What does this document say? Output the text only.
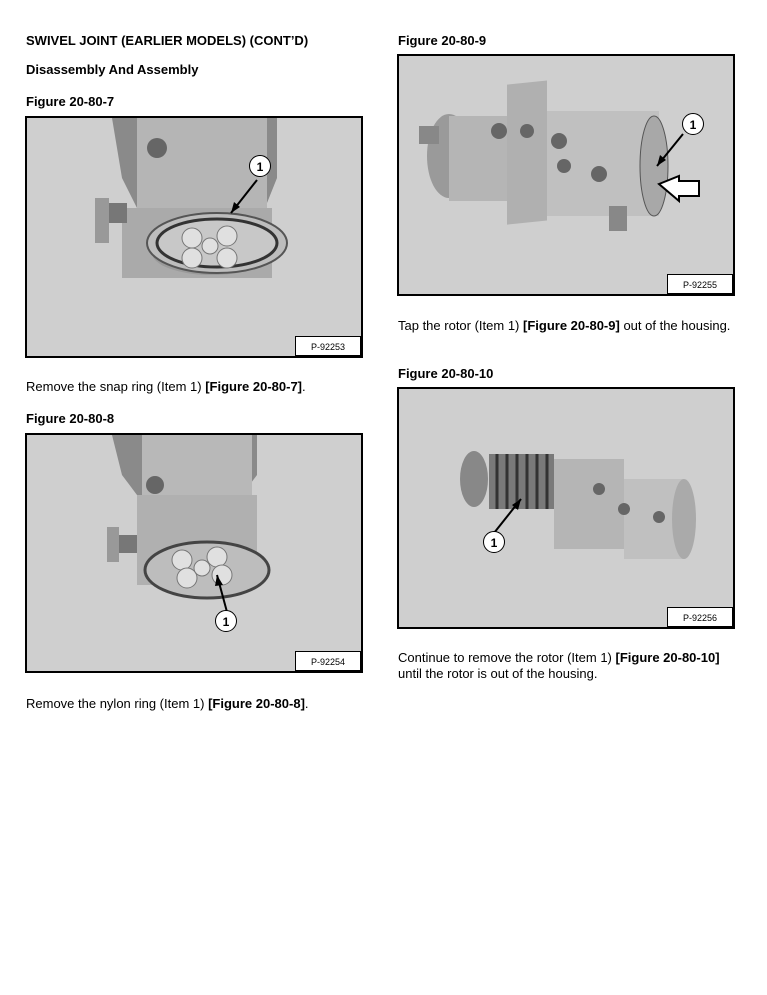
SWIVEL JOINT (EARLIER MODELS) (CONT’D)
Disassembly And Assembly
Figure 20-80-7
1
P-92253
Remove the snap ring (Item 1) [Figure 20-80-7].
Figure 20-80-8
1
P-92254
Remove the nylon ring (Item 1) [Figure 20-80-8].
Figure 20-80-9
1
P-92255
Tap the rotor (Item 1) [Figure 20-80-9] out of the housing.
Figure 20-80-10
1
P-92256
Continue to remove the rotor (Item 1) [Figure 20-80-10] until the rotor is out of the housing.
